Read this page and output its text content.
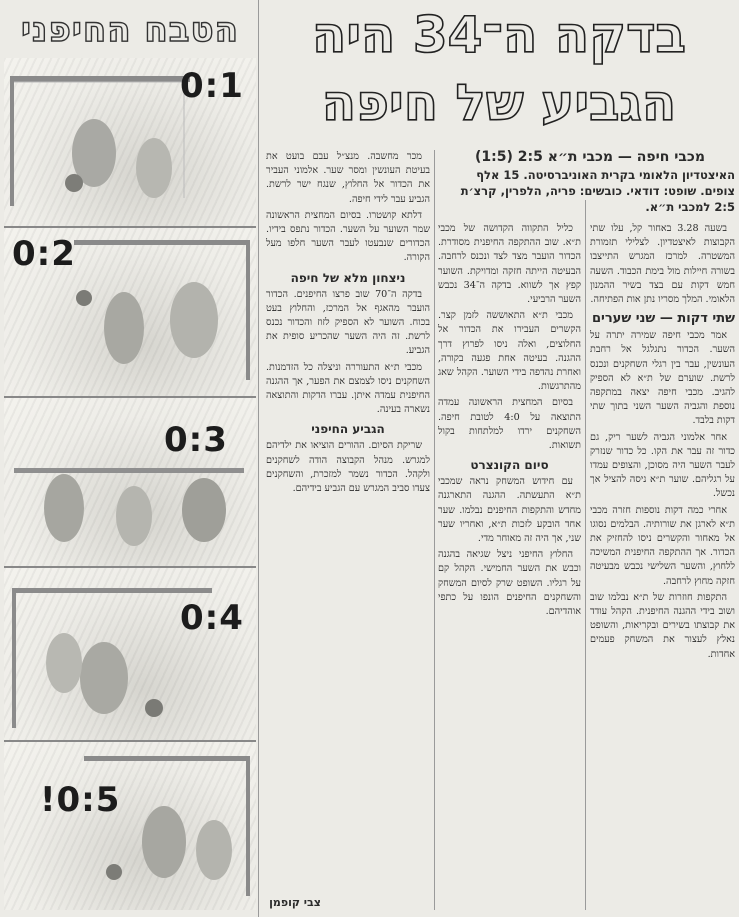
הטבח החיפני
0:1
0:2
0:3
0:4
!0:5
בדקה ה־34 היה
הגביע של חיפה
מכבי חיפה — מכבי ת״א 2:5 (1:5)
האיצטדיון הלאומי בקרית האוניברסיטה. 15 אלף
צופים. שופט: דודאי. כובשים: פריה, הלפרין, קרצ׳ת
2:5 למכבי ת״א.

בשעה 3.28 באחור קל, עלו שתי הקבוצות לאיצטדיון. לצלילי תזמורת המשטרה. למרכז המגרש התייצבו בשורה חיילות מול בימת הכבוד. השעה חמש דקות עם בצד בשיר ההמנון הלאומי. המלך מסריו נתן אות הפתיחה.

שתי דקות — שני שערים

אמר מכבי חיפה שמירה יתרה על השער. הכדור נתגלגל אל רחבת העונשין, עבר בין רגלי השחקנים ונכנס לרשת. שוערם של ת״א לא הספיק להגיב. מכבי חיפה יצאה במתקפה נוספת והגביה השער השני בתוך שתי דקות בלבד.

אחר אלמוני הגביה לשער ריק, גם כדור זה עבר את הקו. כל כדור שנזרק לעבר השער היה מסוכן, והצופים עמדו על רגליהם. שוער ת״א ניסה להציל אך נכשל.

אחרי כמה דקות נוספות חזרה מכבי ת״א לארגן את שורותיה. הבלמים נסוגו אל מאחור והקשרים ניסו להחזיק את הכדור. אך ההתקפה החיפנית המשיכה ללחוץ, והשער השלישי נכבש מבעיטה חזקה מחוץ לרחבה.

התקפות חוזרות של ת״א נבלמו שוב ושוב בידי ההגנה החיפנית. הקהל עודד את קבוצתו בשירים ובקריאות, והשופט נאלץ לעצור את המשחק פעמים אחדות.

כליל התקווה הקדושה של מכבי ת״א. שוב ההתקפה החיפנית מסודרת. הכדור הועבר מצד לצד ונכנס לרחבה. הבעיטה הייתה חזקה ומדויקת. השוער קפץ אך לשווא. בדקה ה־34 נכבש השער הרביעי.

מכבי ת״א התאוששה לזמן קצר. הקשרים העבירו את הכדור אל החלוצים, ואלה ניסו לפרוץ דרך ההגנה. בעיטה אחת פגעה בקורה, ואחרת נהדפה בידי השוער. הקהל שאג מהתרגשות.

בסיום המחצית הראשונה עמדה התוצאה על 4:0 לטובת חיפה. השחקנים ירדו למלתחות בקול תשואות.

סיום הקונצרט

עם חידוש המשחק נראה שמכבי ת״א התעשתה. ההגנה התארגנה מחדש והתקפות החיפנים נבלמו. שער אחד הובקע לזכות ת״א, ואחריו שער שני, אך היה זה מאוחר מדי.

החלוץ החיפני ניצל שגיאה בהגנה וכבש את השער החמישי. הקהל קם על רגליו. השופט שרק לסיום המשחק והשחקנים החיפנים הונפו על כתפי אוהדיהם.

מכר מחשבה. מנצ״ל עבם בועט את בעיטת העונשין ומסר שער. אלמוני העביר את הכדור אל החלוץ, שנגח ישר לרשת. הגביע עבר לידי חיפה.

דלתא קושטרו. בסיום המחצית הראשונה שמר השוער על השער. הכדור נתפס בידיו. הכדורים שנבעטו לעבר השער חלפו מעל הקורה.

ניצחון מלא של חיפה

בדקה ה־70 שוב פרצו החיפנים. הכדור הועבר מהאגף אל המרכז, והחלוץ בעט בכוח. השוער לא הספיק לזוז והכדור נכנס לרשת. זה היה השער שהכריע סופית את הגביע.

מכבי ת״א התעוררה וניצלה כל הזדמנות. השחקנים ניסו לצמצם את הפער, אך ההגנה החיפנית עמדה איתן. עברו הדקות והתוצאה נשארה בעינה.

הגביע החיפני

שריקת הסיום. ההורים הוציאו את ילדיהם למגרש. מנהל הקבוצה הודה לשחקנים ולקהל. הכדור נשמר למזכרת, והשחקנים צעדו סביב המגרש עם הגביע בידיהם.

צבי קופמן
